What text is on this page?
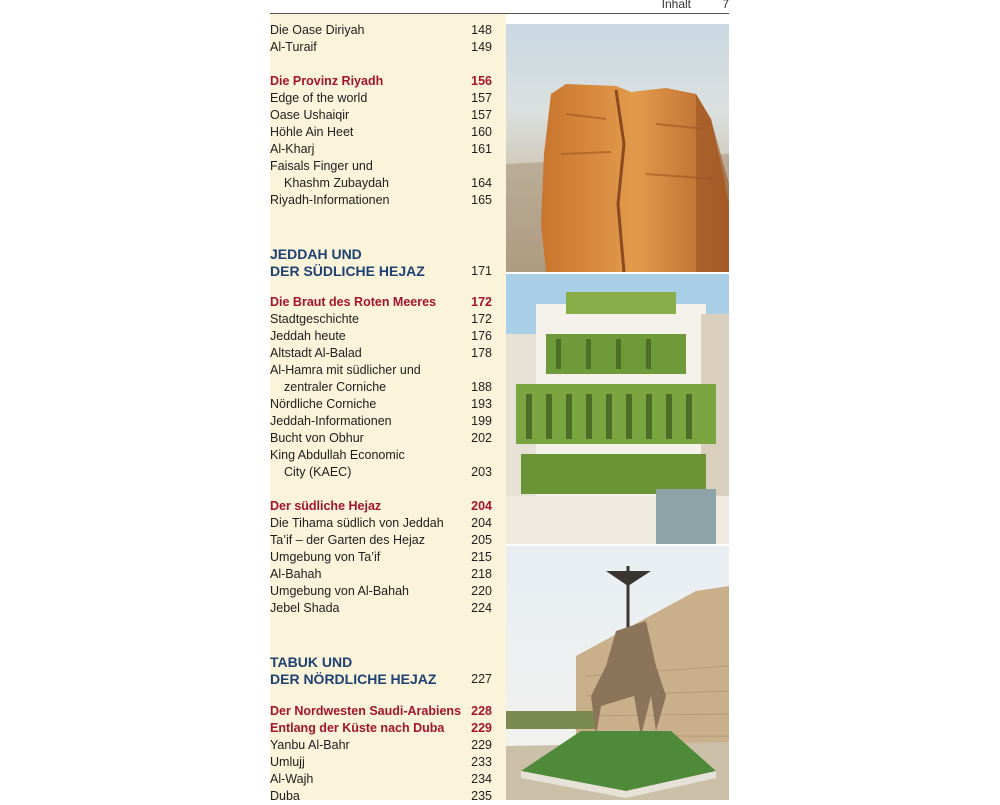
Inhalt	7
Die Oase Diriyah	148
Al-Turaif	149
Die Provinz Riyadh	156
Edge of the world	157
Oase Ushaiqir	157
Höhle Ain Heet	160
Al-Kharj	161
Faisals Finger und
Khashm Zubaydah	164
Riyadh-Informationen	165
JEDDAH UND
DER SÜDLICHE HEJAZ	171
Die Braut des Roten Meeres	172
Stadtgeschichte	172
Jeddah heute	176
Altstadt Al-Balad	178
Al-Hamra mit südlicher und
zentraler Corniche	188
Nördliche Corniche	193
Jeddah-Informationen	199
Bucht von Obhur	202
King Abdullah Economic
City (KAEC)	203
Der südliche Hejaz	204
Die Tihama südlich von Jeddah 204
Ta’if – der Garten des Hejaz	205
Umgebung von Ta’if	215
Al-Bahah	218
Umgebung von Al-Bahah	220
Jebel Shada	224
TABUK UND
DER NÖRDLICHE HEJAZ	227
Der Nordwesten Saudi-Arabiens 228
Entlang der Küste nach Duba 229
Yanbu Al-Bahr	229
Umlujj	233
Al-Wajh	234
Duba	235
